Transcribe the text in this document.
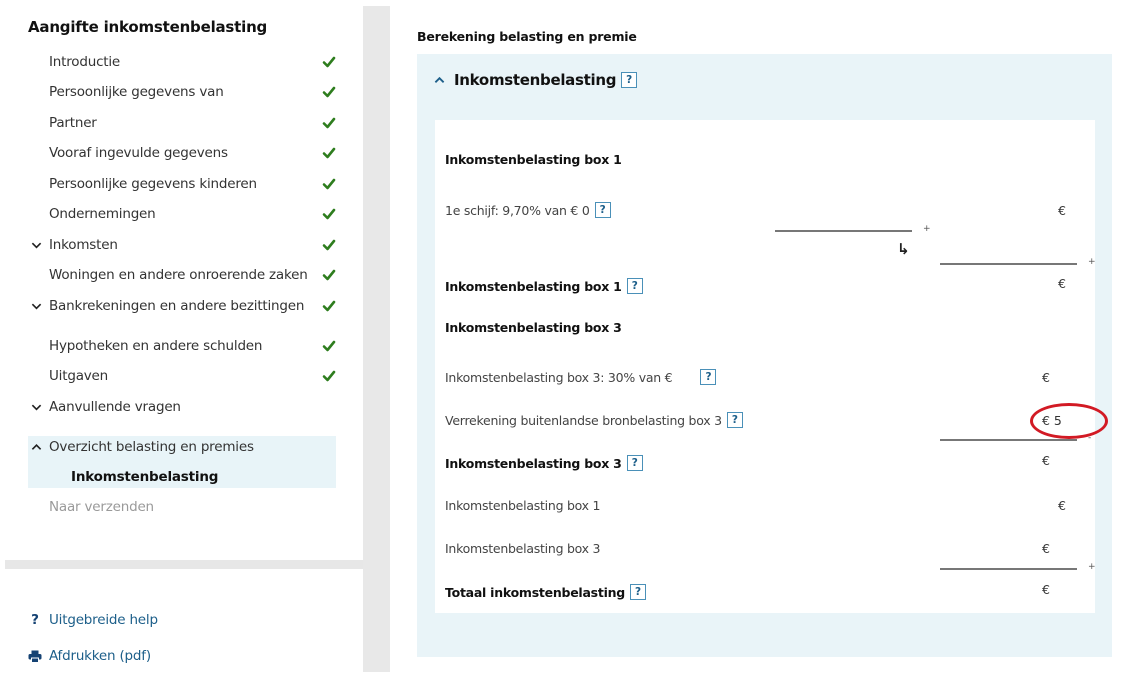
Aangifte inkomstenbelasting
Introductie
Persoonlijke gegevens van
Partner
Vooraf ingevulde gegevens
Persoonlijke gegevens kinderen
Ondernemingen
Inkomsten
Woningen en andere onroerende zaken
Bankrekeningen en andere bezittingen
Hypotheken en andere schulden
Uitgaven
Aanvullende vragen
Overzicht belasting en premies
Inkomstenbelasting
Naar verzenden
? Uitgebreide help
Afdrukken (pdf)
Berekening belasting en premie
Inkomstenbelasting ?
Inkomstenbelasting box 1
1e schijf: 9,70% van € 0 ?	€
+
↳
+
Inkomstenbelasting box 1 ?	€
Inkomstenbelasting box 3
Inkomstenbelasting box 3: 30% van €	?	€
Verrekening buitenlandse bronbelasting box 3 ?	€ 5
-
Inkomstenbelasting box 3 ?	€
Inkomstenbelasting box 1	€
Inkomstenbelasting box 3	€
+
Totaal inkomstenbelasting ?	€
